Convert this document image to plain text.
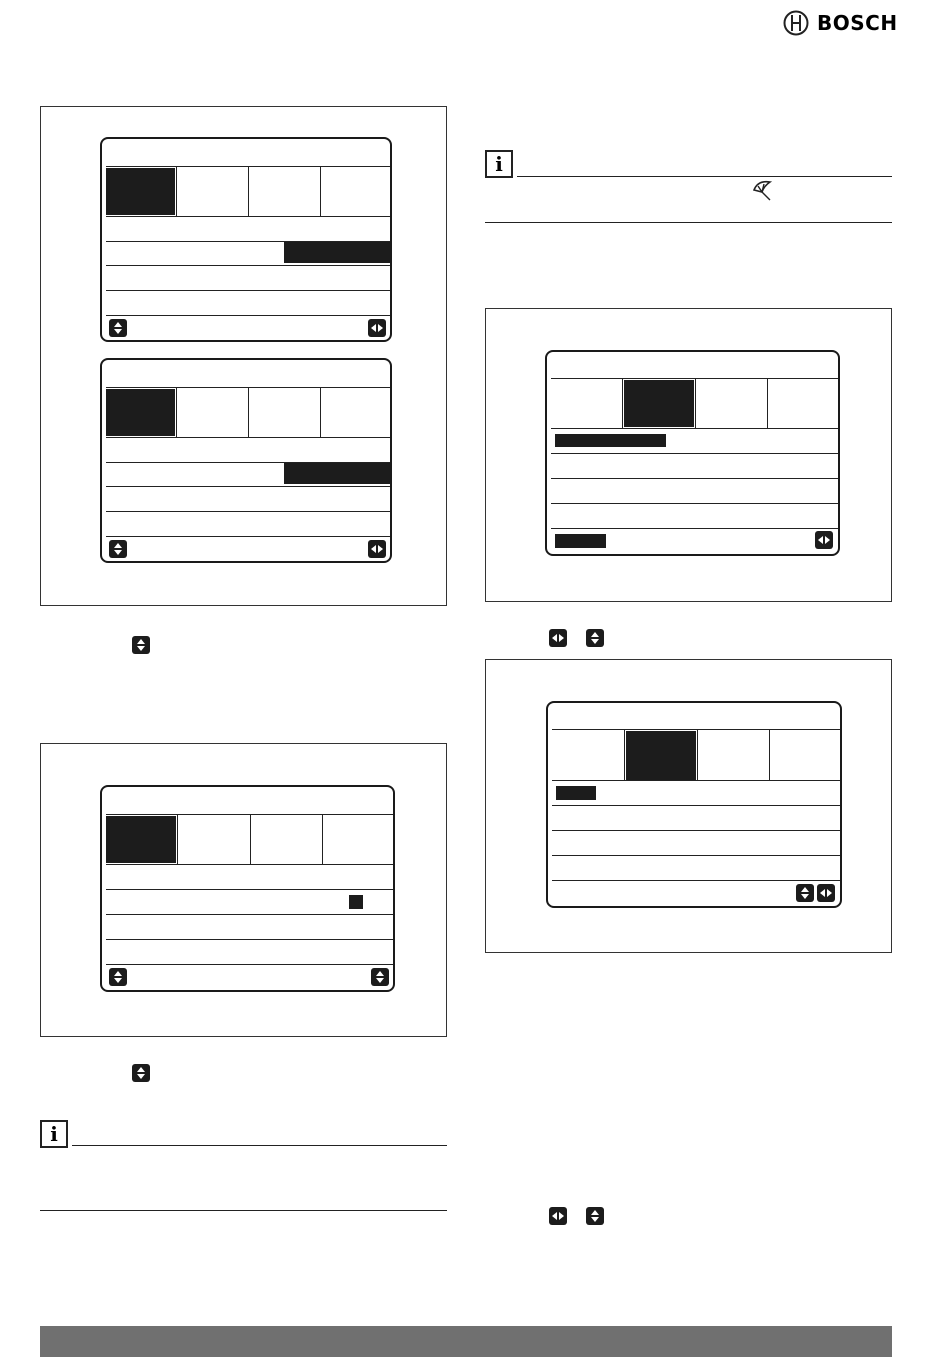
BOSCH
i
i
